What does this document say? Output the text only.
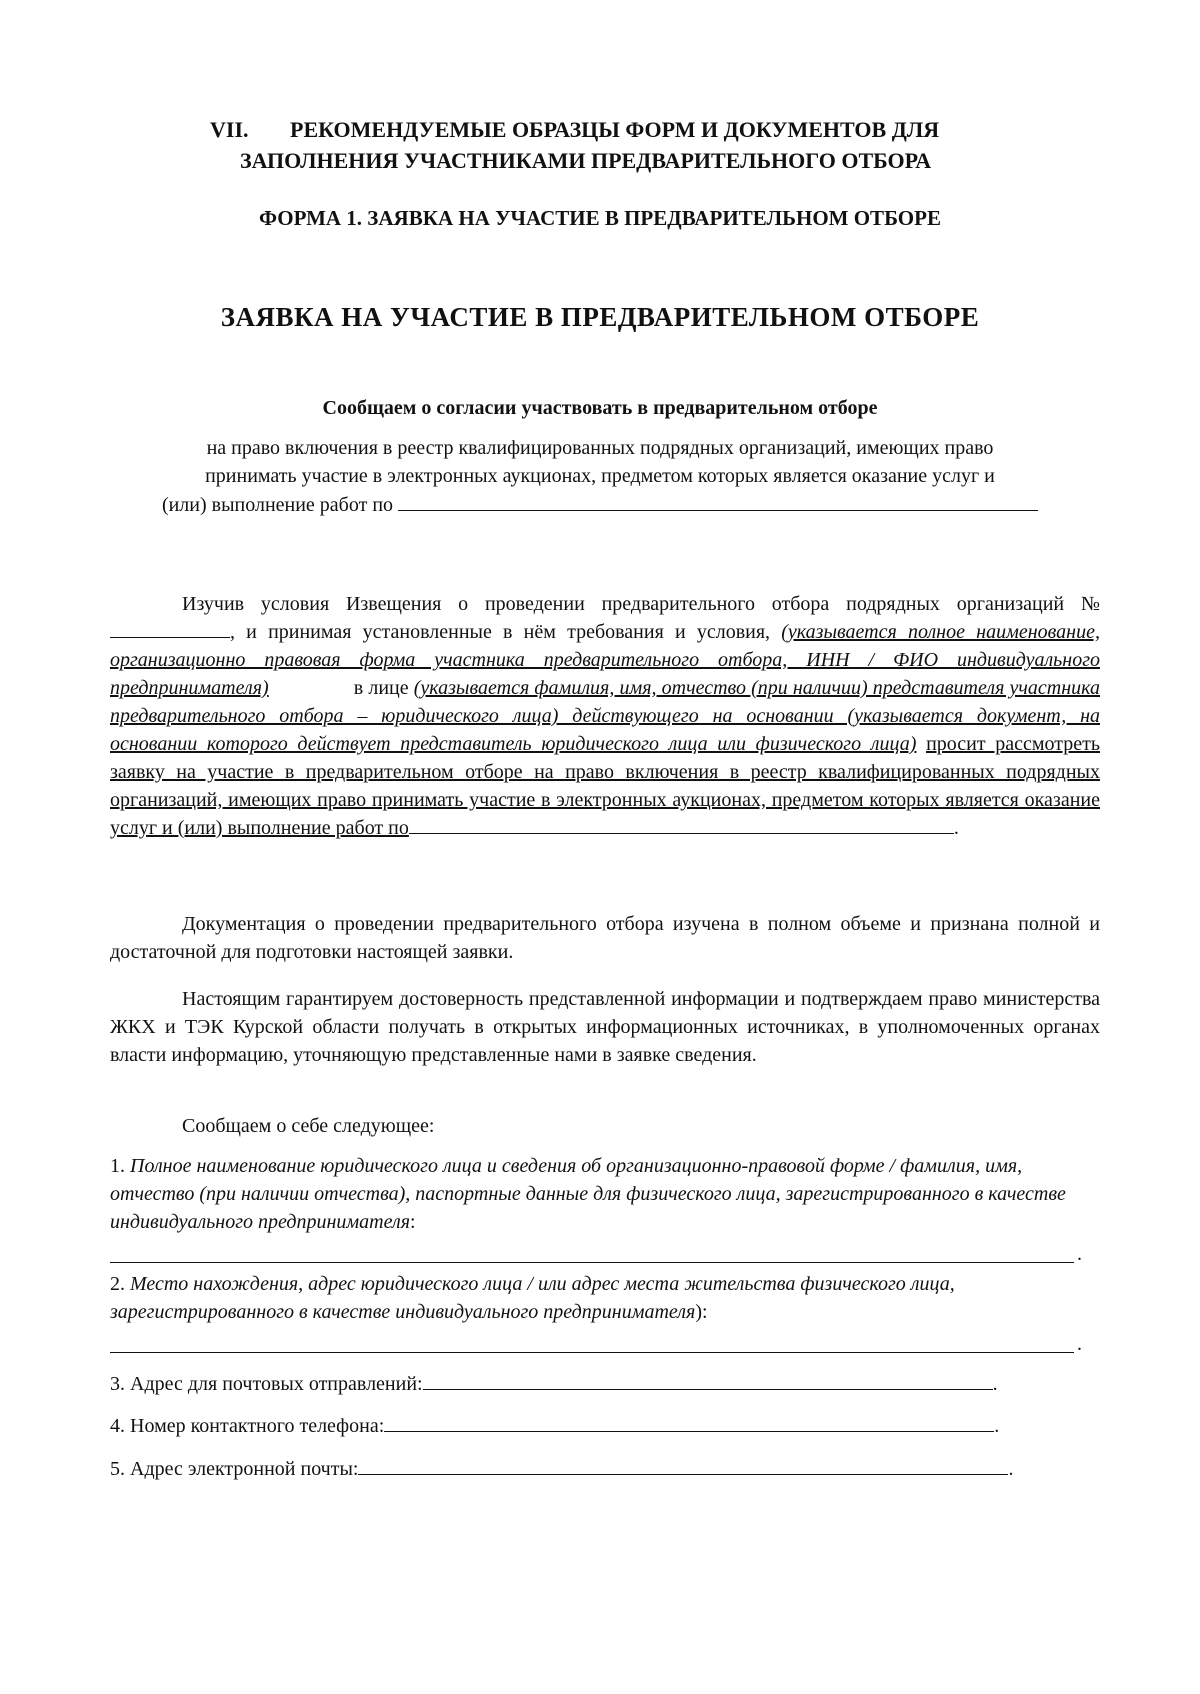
VII. РЕКОМЕНДУЕМЫЕ ОБРАЗЦЫ ФОРМ И ДОКУМЕНТОВ ДЛЯ
ЗАПОЛНЕНИЯ УЧАСТНИКАМИ ПРЕДВАРИТЕЛЬНОГО ОТБОРА
ФОРМА 1. ЗАЯВКА НА УЧАСТИЕ В ПРЕДВАРИТЕЛЬНОМ ОТБОРЕ
ЗАЯВКА НА УЧАСТИЕ В ПРЕДВАРИТЕЛЬНОМ ОТБОРЕ
Сообщаем о согласии участвовать в предварительном отборе
на право включения в реестр квалифицированных подрядных организаций, имеющих право
принимать участие в электронных аукционах, предметом которых является оказание услуг и
(или) выполнение работ по
Изучив условия Извещения о проведении предварительного отбора подрядных организаций №, и принимая установленные в нём требования и условия, (указывается полное наименование, организационно правовая форма участника предварительного отбора, ИНН / ФИО индивидуального предпринимателя)	в лице (указывается фамилия, имя, отчество (при наличии) представителя участника предварительного отбора – юридического лица) действующего на основании (указывается документ, на основании которого действует представитель юридического лица или физического лица) просит рассмотреть заявку на участие в предварительном отборе на право включения в реестр квалифицированных подрядных организаций, имеющих право принимать участие в электронных аукционах, предметом которых является оказание услуг и (или) выполнение работ по	.
Документация о проведении предварительного отбора изучена в полном объеме и признана полной и достаточной для подготовки настоящей заявки.
Настоящим гарантируем достоверность представленной информации и подтверждаем право министерства ЖКХ и ТЭК Курской области получать в открытых информационных источниках, в уполномоченных органах власти информацию, уточняющую представленные нами в заявке сведения.
Сообщаем о себе следующее:
1. Полное наименование юридического лица и сведения об организационно-правовой форме / фамилия, имя, отчество (при наличии отчества), паспортные данные для физического лица, зарегистрированного в качестве индивидуального предпринимателя:
.
2. Место нахождения, адрес юридического лица / или адрес места жительства физического лица, зарегистрированного в качестве индивидуального предпринимателя):
.
3. Адрес для почтовых отправлений:	.
4. Номер контактного телефона:	.
5. Адрес электронной почты:	.
